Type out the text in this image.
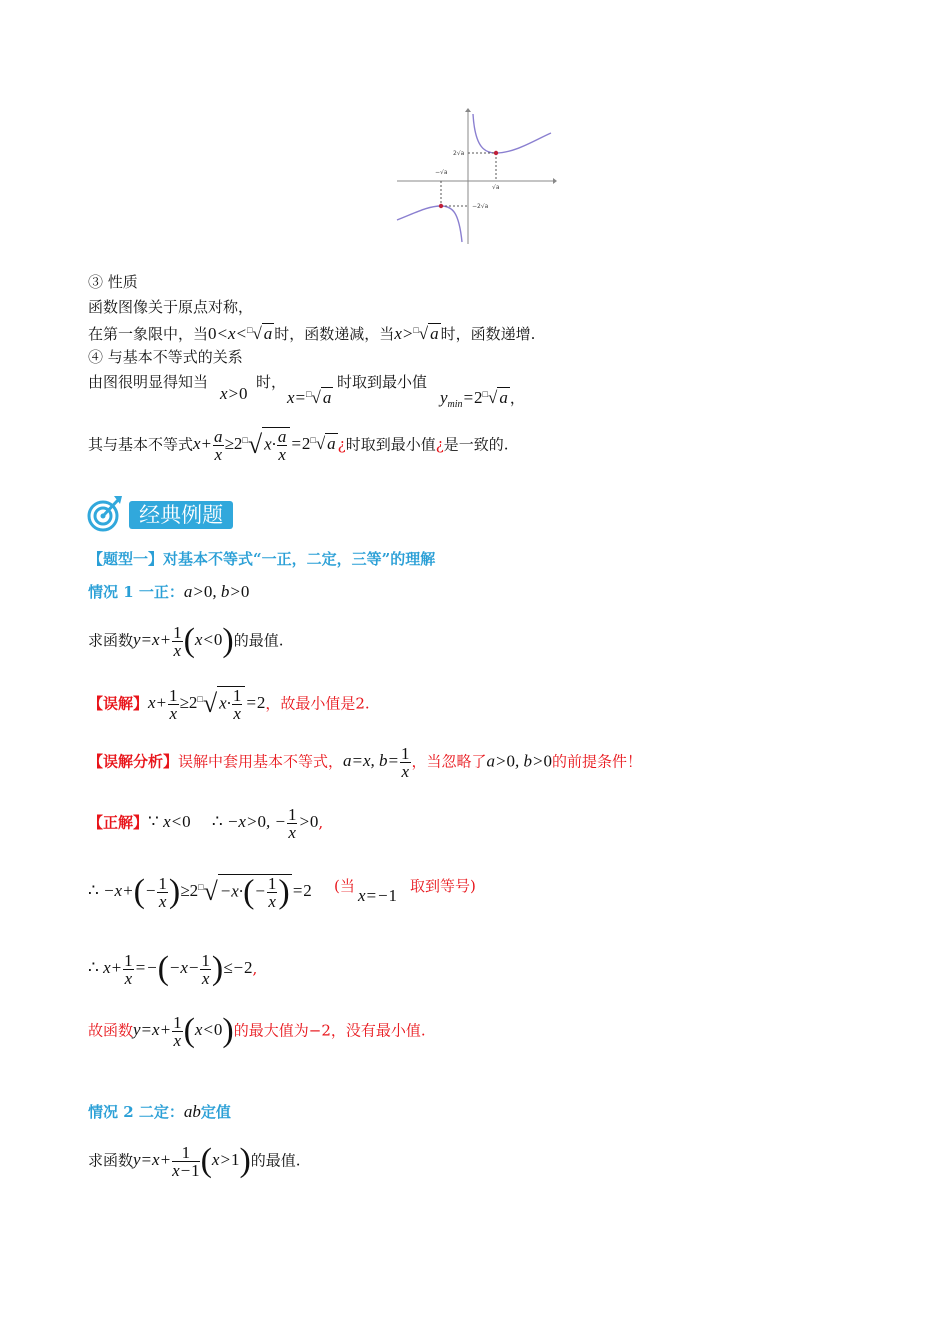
2√a
−√a
√a
−2√a
③ 性质
函数图像关于原点对称，
在第一象限中，当0<x<□√ a 时，函数递减，当x>□√ a 时，函数递增.
④ 与基本不等式的关系
由图很明显得知当
x>0
时，
x=□√ a
时取到最小值
$y_{min}=2^□√$ a ，
其与基本不等式$x+ \frac{a}{x} \ge 2^□√$ $x\cdot \frac{a}{x} =2^□√$ a ¿时取到最小值¿是一致的.
经典例题
【题型一】对基本不等式“一正，二定，三等”的理解
情况 1 一正：a>0, b>0
求函数$y=x+ \frac{1}{x} (x<0)$的最值.
【误解】$x+ \frac{1}{x} \ge 2^□√$ $x\cdot \frac{1}{x} =2$，故最小值是2.
【误解分析】误解中套用基本不等式，a=x, $b= \frac{1}{x}$ ，当忽略了a>0, b>0的前提条件！
【正解】∵ x<0 ∴ −x>0, − $\frac{1}{x} >0$,
∴ $-x+(- \frac{1}{x} )\ge 2^□√ -x\cdot(- \frac{1}{x}$ ) =2 (当 x=−1 取到等号)
∴ $x+ \frac{1}{x} =-(-x- \frac{1}{x} )\le-2$,
故函数$y=x+ \frac{1}{x} (x<0)$的最大值为−2，没有最小值.
情况 2 二定：ab定值
求函数$y=x+ \frac{1}{x-1} (x>1)$的最值.
